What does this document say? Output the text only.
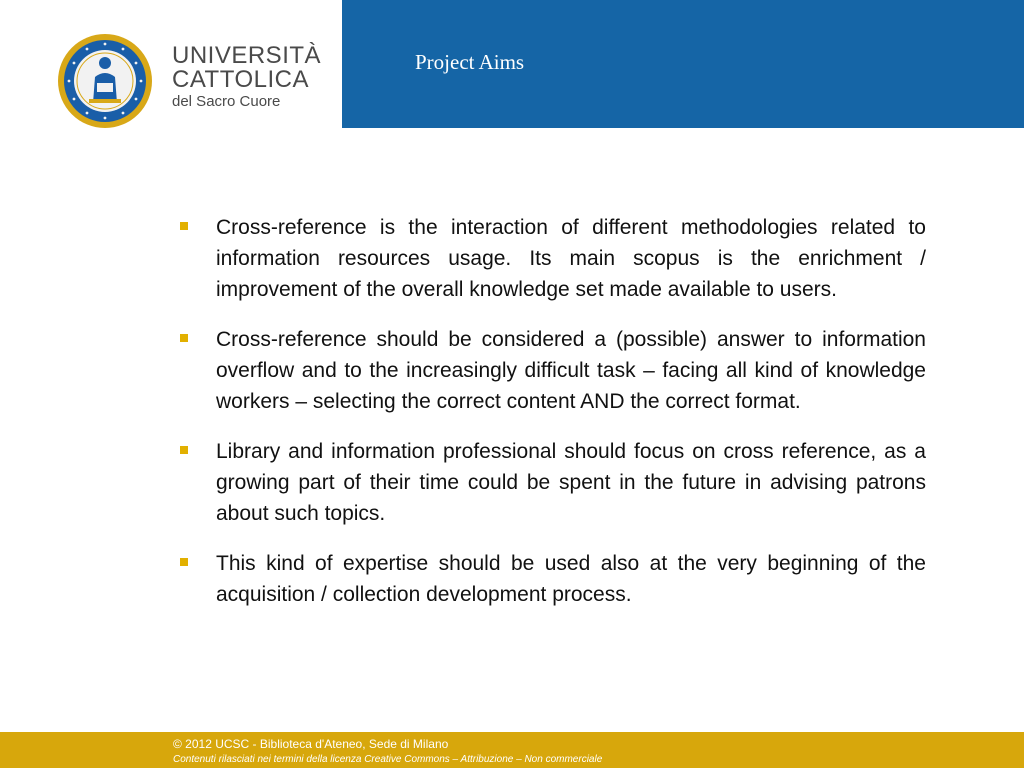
UNIVERSITÀ
CATTOLICA
del Sacro Cuore
Project Aims
Cross-reference is the interaction of different methodologies related to information resources usage. Its main scopus is the enrichment / improvement of the overall knowledge set made available to users.
Cross-reference should be considered a (possible) answer to information overflow and to the increasingly difficult task – facing all kind of knowledge workers – selecting the correct content AND the correct format.
Library and information professional should focus on cross reference, as a growing part of their time could be spent in the future in advising patrons about such topics.
This kind of expertise should be used also at the very beginning of the acquisition / collection development process.
© 2012 UCSC - Biblioteca d'Ateneo, Sede di Milano
Contenuti rilasciati nei termini della licenza Creative Commons – Attribuzione – Non commerciale
